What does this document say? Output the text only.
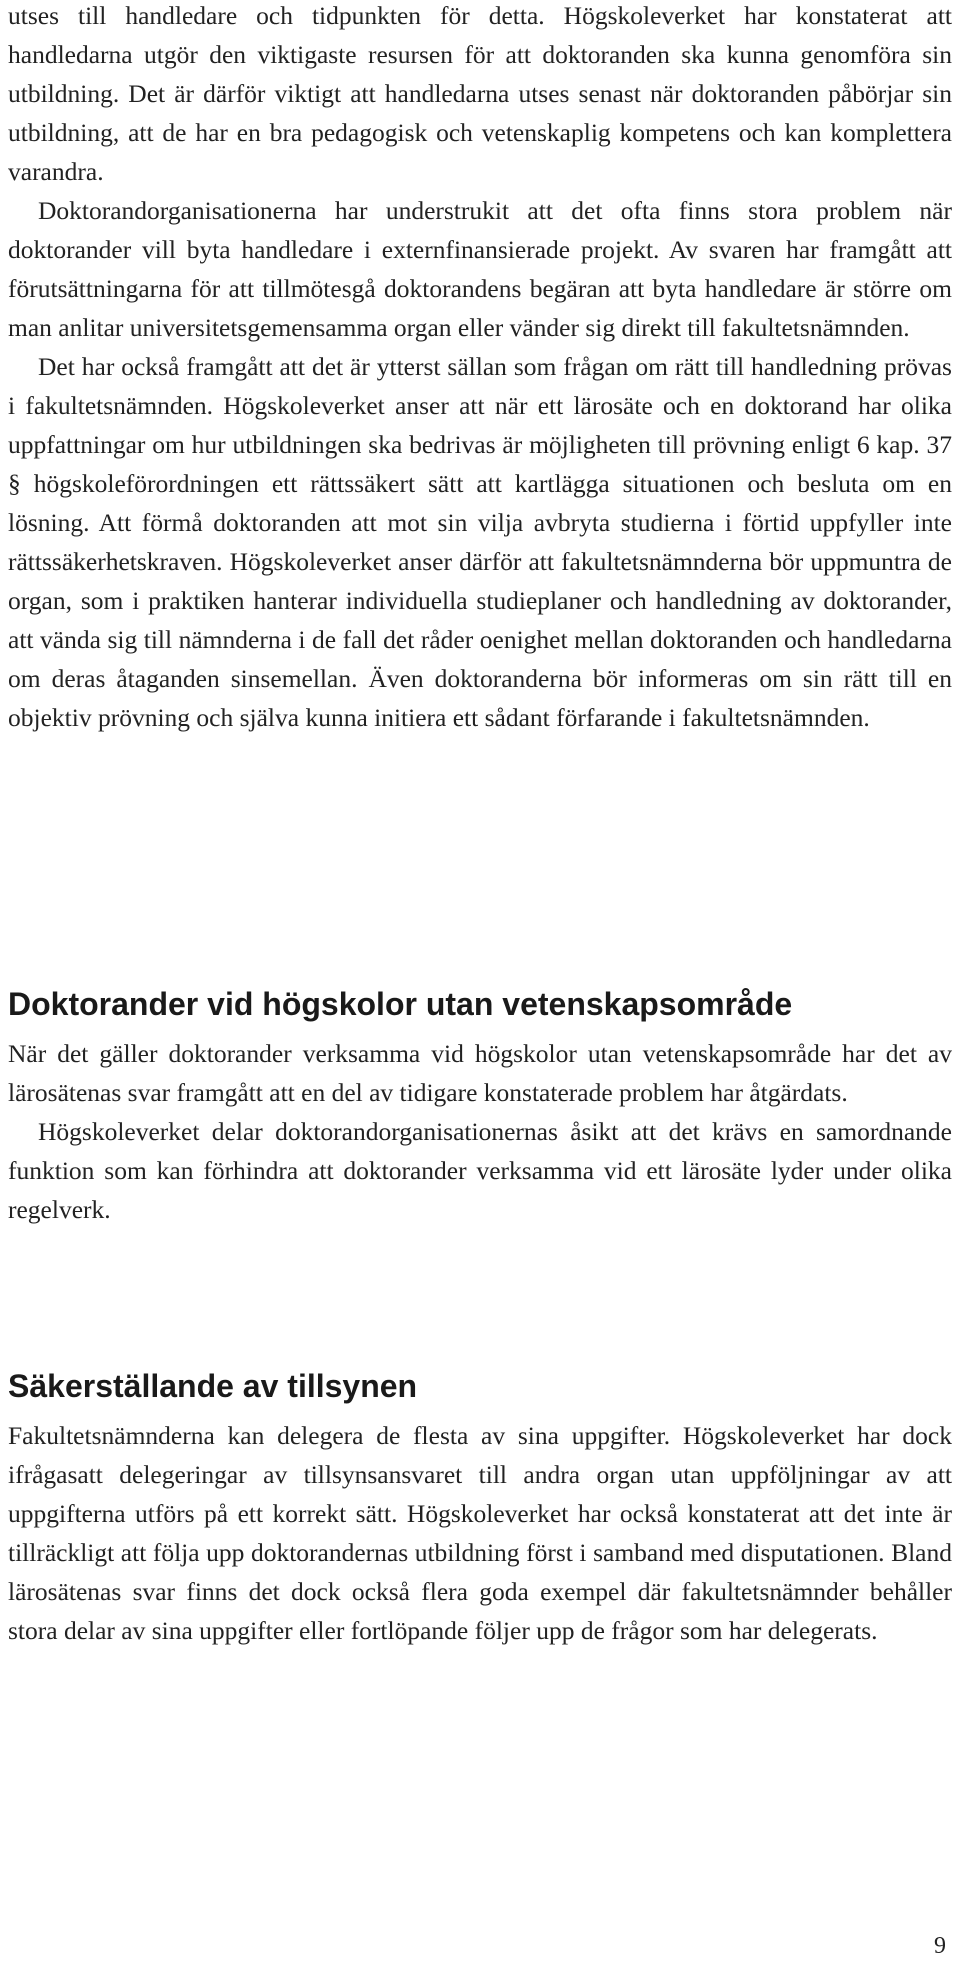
utses till handledare och tidpunkten för detta. Högskoleverket har konstaterat att handledarna utgör den viktigaste resursen för att doktoranden ska kunna genomföra sin utbildning. Det är därför viktigt att handledarna utses senast när doktoranden påbörjar sin utbildning, att de har en bra pedagogisk och vetenskaplig kompetens och kan komplettera varandra.

Doktorandorganisationerna har understrukit att det ofta finns stora problem när doktorander vill byta handledare i externfinansierade projekt. Av svaren har framgått att förutsättningarna för att tillmötesgå doktorandens begäran att byta handledare är större om man anlitar universitetsgemensamma organ eller vänder sig direkt till fakultetsnämnden.

Det har också framgått att det är ytterst sällan som frågan om rätt till handledning prövas i fakultetsnämnden. Högskoleverket anser att när ett lärosäte och en doktorand har olika uppfattningar om hur utbildningen ska bedrivas är möjligheten till prövning enligt 6 kap. 37 § högskoleförordningen ett rättssäkert sätt att kartlägga situationen och besluta om en lösning. Att förmå doktoranden att mot sin vilja avbryta studierna i förtid uppfyller inte rättssäkerhetskraven. Högskoleverket anser därför att fakultetsnämnderna bör uppmuntra de organ, som i praktiken hanterar individuella studieplaner och handledning av doktorander, att vända sig till nämnderna i de fall det råder oenighet mellan doktoranden och handledarna om deras åtaganden sinsemellan. Även doktoranderna bör informeras om sin rätt till en objektiv prövning och själva kunna initiera ett sådant förfarande i fakultetsnämnden.

Doktorander vid högskolor utan vetenskapsområde

När det gäller doktorander verksamma vid högskolor utan vetenskapsområde har det av lärosätenas svar framgått att en del av tidigare konstaterade problem har åtgärdats.

Högskoleverket delar doktorandorganisationernas åsikt att det krävs en samordnande funktion som kan förhindra att doktorander verksamma vid ett lärosäte lyder under olika regelverk.

Säkerställande av tillsynen

Fakultetsnämnderna kan delegera de flesta av sina uppgifter. Högskoleverket har dock ifrågasatt delegeringar av tillsynsansvaret till andra organ utan uppföljningar av att uppgifterna utförs på ett korrekt sätt. Högskoleverket har också konstaterat att det inte är tillräckligt att följa upp doktorandernas utbildning först i samband med disputationen. Bland lärosätenas svar finns det dock också flera goda exempel där fakultetsnämnder behåller stora delar av sina uppgifter eller fortlöpande följer upp de frågor som har delegerats.

9
